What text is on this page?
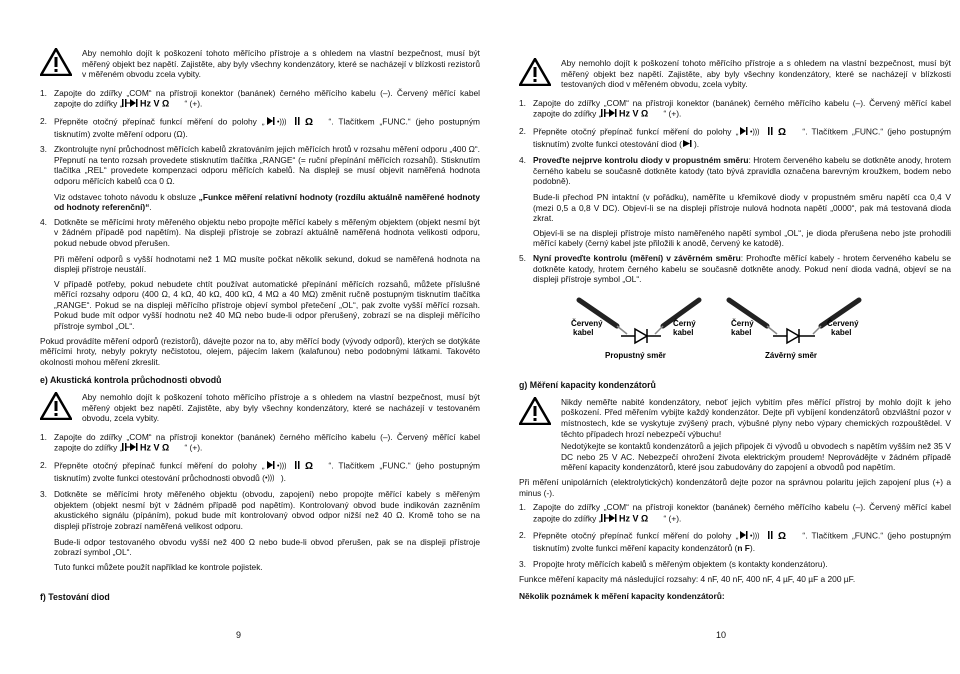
Aby nemohlo dojít k poškození tohoto měřícího přístroje a s ohledem na vlastní bezpečnost, musí být měřený objekt bez napětí. Zajistěte, aby byly všechny kondenzátory, které se nacházejí v blízkosti rezistorů v měřeném obvodu zcela vybity.
1. Zapojte do zdířky „COM“ na přístroji konektor (banánek) černého měřícího kabelu (–). Červený měřící kabel zapojte do zdířky „ Hz V Ω “ (+).
2. Přepněte otočný přepínač funkcí měření do polohy „ •))) Ω “. Tlačítkem „FUNC.“ (jeho postupným tisknutím) zvolte měření odporu (Ω).
3. Zkontrolujte nyní průchodnost měřících kabelů zkratováním jejich měřících hrotů v rozsahu měření odporu „400 Ω“. Přepnutí na tento rozsah provedete stisknutím tlačítka „RANGE“ (= ruční přepínání měřících rozsahů). Stisknutím tlačítka „REL“ provedete kompenzaci odporu měřících kabelů. Na displeji se musí objevit naměřená hodnota odporu měřících kabelů cca 0 Ω.
Viz odstavec tohoto návodu k obsluze „Funkce měření relativní hodnoty (rozdílu aktuálně naměřené hodnoty od hodnoty referenční)“.
4. Dotkněte se měřícími hroty měřeného objektu nebo propojte měřící kabely s měřeným objektem (objekt nesmí být v žádném případě pod napětím). Na displeji přístroje se zobrazí aktuálně naměřená hodnota velikosti odporu, pokud nebude obvod přerušen.
Při měření odporů s vyšší hodnotami než 1 MΩ musíte počkat několik sekund, dokud se naměřená hodnota na displeji přístroje neustálí.
V případě potřeby, pokud nebudete chtít používat automatické přepínání měřících rozsahů, můžete příslušné měřící rozsahy odporu (400 Ω, 4 kΩ, 40 kΩ, 400 kΩ, 4 MΩ a 40 MΩ) změnit ručně postupným tisknutím tlačítka „RANGE“. Pokud se na displeji měřícího přístroje objeví symbol přetečení „OL“, pak zvolte vyšší měřící rozsah. Pokud bude mít odpor vyšší hodnotu než 40 MΩ nebo bude-li odpor přerušený, zobrazí se na displeji měřícího přístroje symbol „OL“.

Pokud provádíte měření odporů (rezistorů), dávejte pozor na to, aby měřící body (vývody odporů), kterých se dotýkáte měřícími hroty, nebyly pokryty nečistotou, olejem, pájecím lakem (kalafunou) nebo podobnými látkami. Takovéto okolnosti mohou měření zkreslit.

e) Akustická kontrola průchodnosti obvodů
Aby nemohlo dojít k poškození tohoto měřícího přístroje a s ohledem na vlastní bezpečnost, musí být měřený objekt bez napětí. Zajistěte, aby byly všechny kondenzátory, které se nacházejí v testovaném obvodu, zcela vybity.
1. Zapojte do zdířky „COM“ na přístroji konektor (banánek) černého měřícího kabelu (–). Červený měřící kabel zapojte do zdířky „ Hz V Ω “ (+).
2. Přepněte otočný přepínač funkcí měření do polohy „ •))) Ω “. Tlačítkem „FUNC.“ (jeho postupným tisknutím) zvolte funkci otestování průchodnosti obvodů ( •))) ).
3. Dotkněte se měřícími hroty měřeného objektu (obvodu, zapojení) nebo propojte měřící kabely s měřeným objektem (objekt nesmí být v žádném případě pod napětím). Kontrolovaný obvod bude indikován zazněním akustického signálu (pípáním), pokud bude mít kontrolovaný obvod odpor nižší než 40 Ω. Kromě toho se na displeji přístroje zobrazí naměřená velikost odporu.
Bude-li odpor testovaného obvodu vyšší než 400 Ω nebo bude-li obvod přerušen, pak se na displeji přístroje zobrazí symbol „OL“.
Tuto funkci můžete použít například ke kontrole pojistek.
f) Testování diod
9
Aby nemohlo dojít k poškození tohoto měřícího přístroje a s ohledem na vlastní bezpečnost, musí být měřený objekt bez napětí. Zajistěte, aby byly všechny kondenzátory, které se nacházejí v blízkosti testovaných diod v měřeném obvodu, zcela vybity.
1. Zapojte do zdířky „COM“ na přístroji konektor (banánek) černého měřícího kabelu (–). Červený měřící kabel zapojte do zdířky „ Hz V Ω “ (+).
2. Přepněte otočný přepínač funkcí měření do polohy „ •))) Ω “. Tlačítkem „FUNC.“ (jeho postupným tisknutím) zvolte funkci otestování diod ( ).
4. Proveďte nejprve kontrolu diody v propustném směru: Hrotem červeného kabelu se dotkněte anody, hrotem černého kabelu se současně dotkněte katody (tato bývá zpravidla označena barevným kroužkem, bodem nebo podobně).
Bude-li přechod PN intaktní (v pořádku), naměříte u křemíkové diody v propustném směru napětí cca 0,4 V (mezi 0,5 a 0,8 V DC). Objeví-li se na displeji přístroje nulová hodnota napětí „0000“, pak má testovaná dioda zkrat.
Objeví-li se na displeji přístroje místo naměřeného napětí symbol „OL“, je dioda přerušena nebo jste prohodili měřící kabely (černý kabel jste přiložili k anodě, červený ke katodě).
5. Nyní proveďte kontrolu (měření) v závěrném směru: Prohoďte měřící kabely - hrotem červeného kabelu se dotkněte katody, hrotem černého kabelu se současně dotkněte anody. Pokud není dioda vadná, objeví se na displeji přístroje symbol „OL“.
Červený
kabel
Černý
kabel
Propustný směr
Černý
kabel
Červený
kabel
Závěrný směr
g) Měření kapacity kondenzátorů
Nikdy neměřte nabité kondenzátory, neboť jejich vybitím přes měřící přístroj by mohlo dojít k jeho poškození. Před měřením vybijte každý kondenzátor. Dejte při vybíjení kondenzátorů obzvláštní pozor v místnostech, kde se vyskytuje zvýšený prach, výbušné plyny nebo výpary chemických rozpouštědel. V těchto případech hrozí nebezpečí výbuchu!
Nedotýkejte se kontaktů kondenzátorů a jejich připojek či vývodů u obvodech s napětím vyšším než 35 V DC nebo 25 V AC. Nebezpečí ohrožení života elektrickým proudem! Neprovádějte v žádném případě měření kapacity kondenzátorů, které jsou zabudovány do zapojení a obvodů pod napětím.

Při měření unipolárních (elektrolytických) kondenzátorů dejte pozor na správnou polaritu jejich zapojení plus (+) a minus (-).

1. Zapojte do zdířky „COM“ na přístroji konektor (banánek) černého měřícího kabelu (–). Červený měřící kabel zapojte do zdířky „ Hz V Ω “ (+).
2. Přepněte otočný přepínač funkcí měření do polohy „ •))) Ω “. Tlačítkem „FUNC.“ (jeho postupným tisknutím) zvolte funkci měření kapacity kondenzátorů (n F).
3. Propojte hroty měřících kabelů s měřeným objektem (s kontakty kondenzátoru).

Funkce měření kapacity má následující rozsahy: 4 nF, 40 nF, 400 nF, 4 µF, 40 µF a 200 µF.

Několik poznámek k měření kapacity kondenzátorů:

10
